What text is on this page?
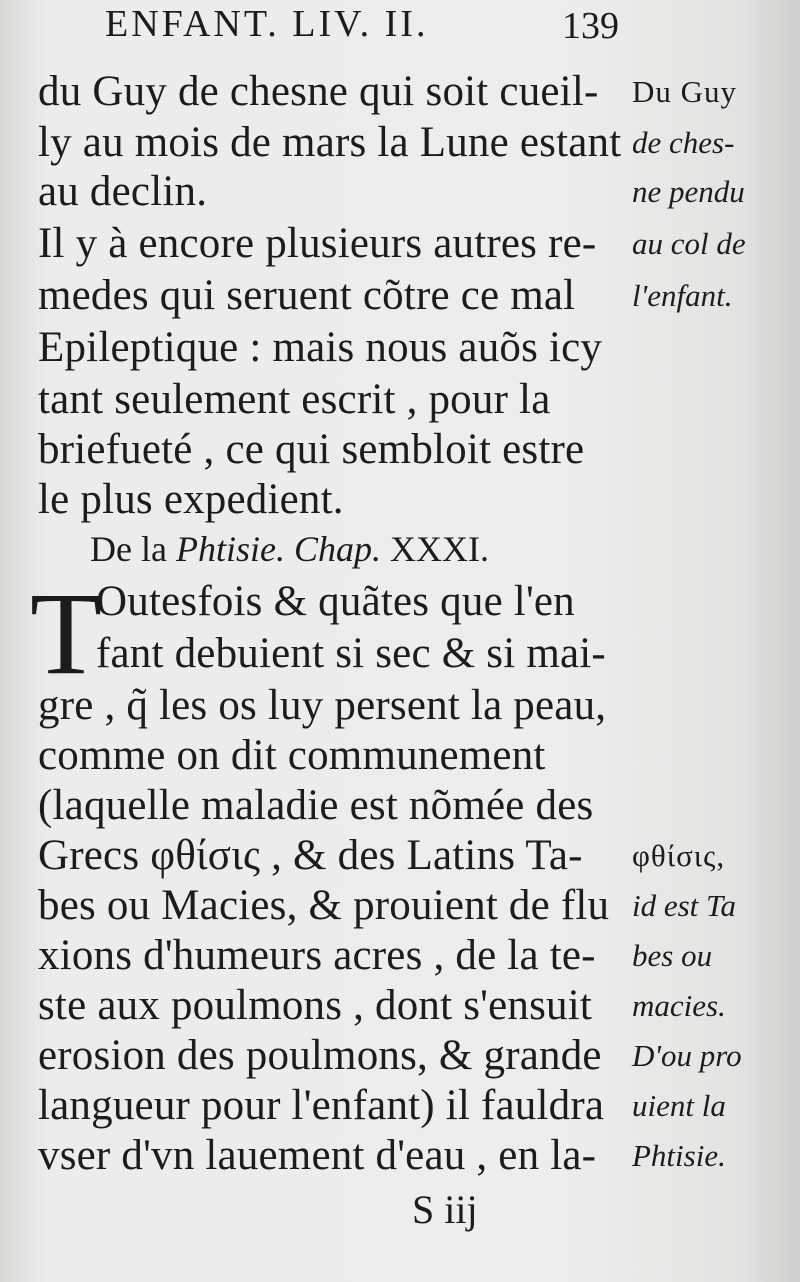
ENFANT. LIV. II.	139
du Guy de chesne qui soit cueil-
ly au mois de mars la Lune estant
au declin.
Il y à encore plusieurs autres re-
medes qui seruent cõtre ce mal
Epileptique : mais nous auõs icy
tant seulement escrit , pour la
briefueté , ce qui sembloit estre
le plus expedient.
De la Phtisie. Chap. XXXI.
T
Outesfois & quãtes que l'en
fant debuient si sec & si mai-
gre , q̃ les os luy persent la peau,
comme on dit communement
(laquelle maladie est nõmée des
Grecs φθίσις , & des Latins Ta-
bes ou Macies, & prouient de flu
xions d'humeurs acres , de la te-
ste aux poulmons , dont s'ensuit
erosion des poulmons, & grande
langueur pour l'enfant) il fauldra
vser d'vn lauement d'eau , en la-
Du Guy
de ches-
ne pendu
au col de
l'enfant.
φθίσις,
id est Ta
bes ou
macies.
D'ou pro
uient la
Phtisie.
S iij
